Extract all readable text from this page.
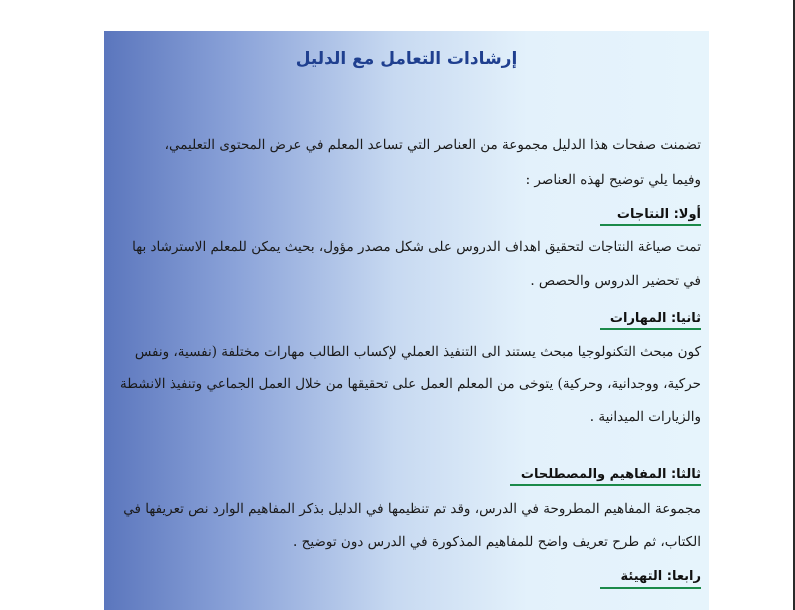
إرشادات التعامل مع الدليل
تضمنت صفحات هذا الدليل مجموعة من العناصر التي تساعد المعلم في عرض المحتوى التعليمي،
وفيما يلي توضيح لهذه العناصر :
أولا: النتاجات
تمت صياغة النتاجات لتحقيق اهداف الدروس على شكل مصدر مؤول، بحيث يمكن للمعلم الاسترشاد بها
في تحضير الدروس والحصص .
ثانيا: المهارات
كون مبحث التكنولوجيا مبحث يستند الى التنفيذ العملي لإكساب الطالب مهارات مختلفة (نفسية، ونفس
حركية، ووجدانية، وحركية) يتوخى من المعلم العمل على تحقيقها من خلال العمل الجماعي وتنفيذ الانشطة
والزيارات الميدانية .
ثالثا: المفاهيم والمصطلحات
مجموعة المفاهيم المطروحة في الدرس، وقد تم تنظيمها في الدليل بذكر المفاهيم الوارد نص تعريفها في
الكتاب، ثم طرح تعريف واضح للمفاهيم المذكورة في الدرس دون توضيح .
رابعا: التهيئة
